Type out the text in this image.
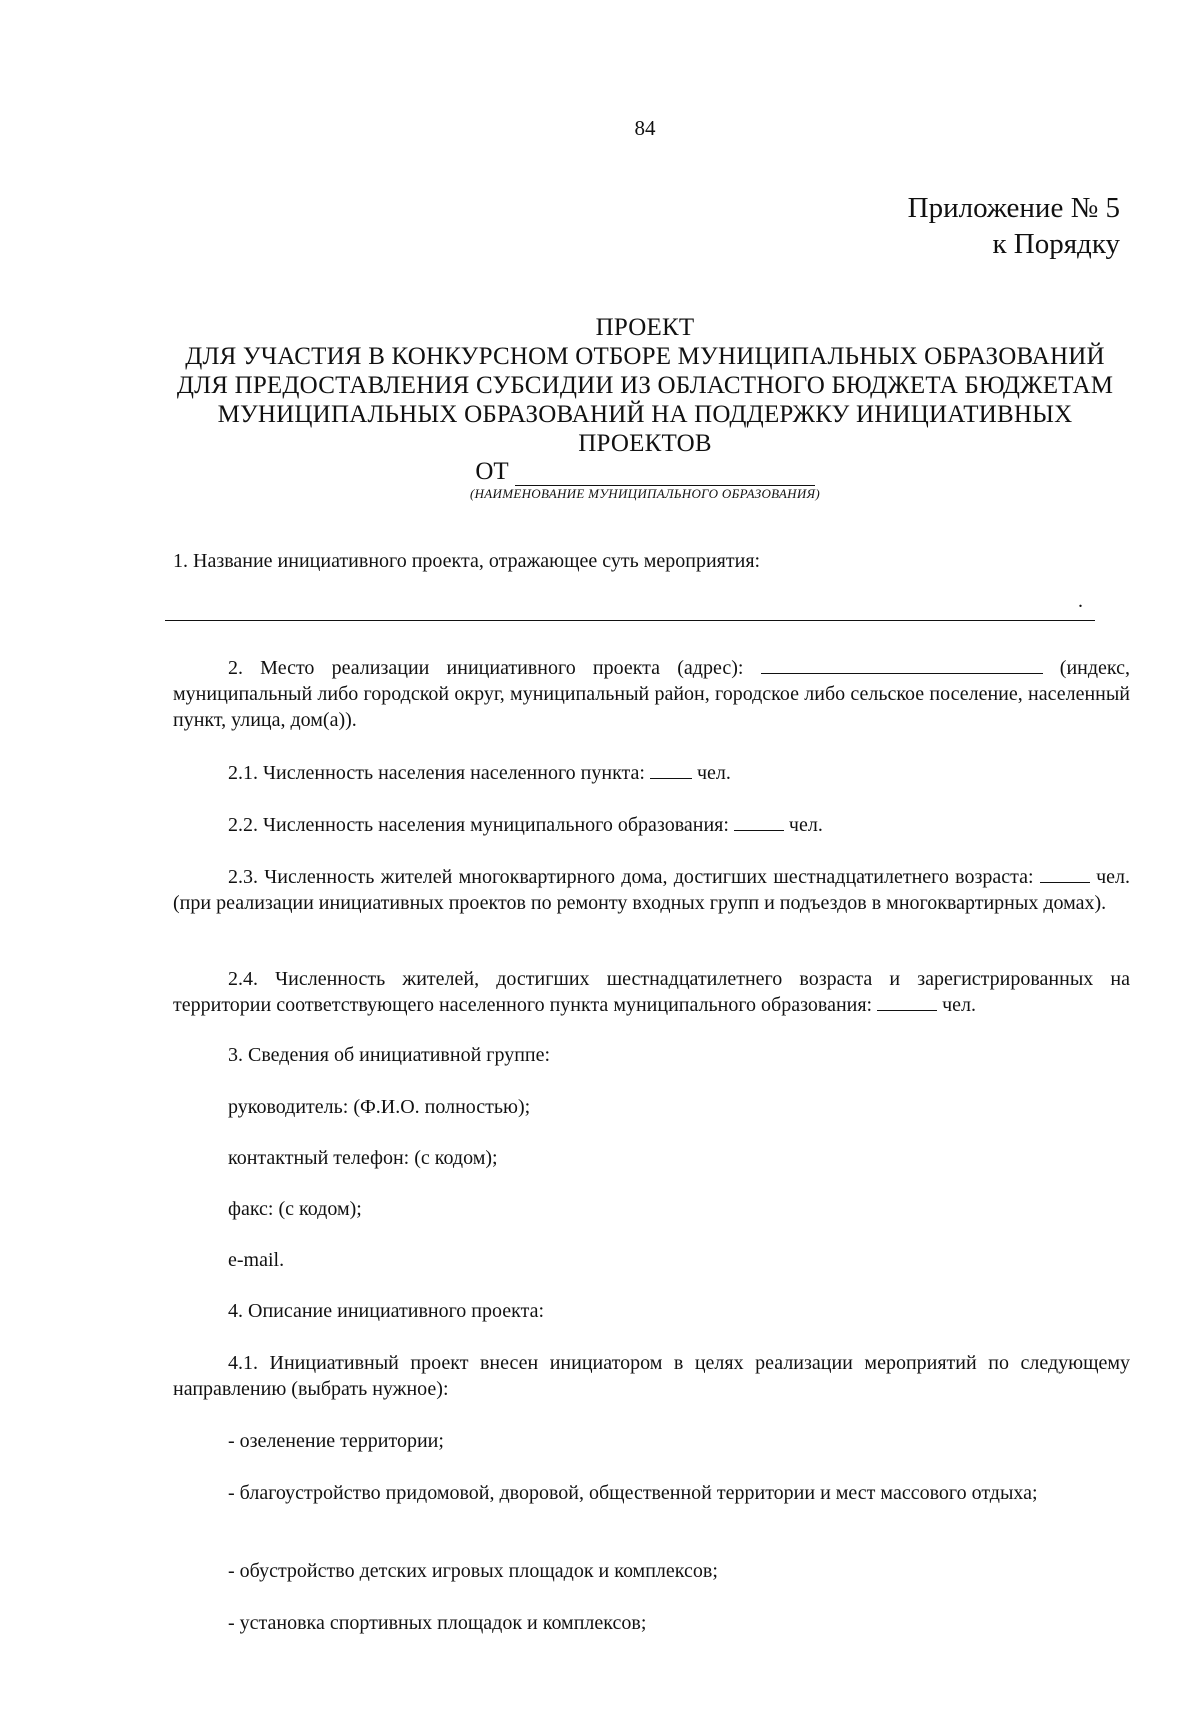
84
Приложение № 5
к Порядку
ПРОЕКТ
ДЛЯ УЧАСТИЯ В КОНКУРСНОМ ОТБОРЕ МУНИЦИПАЛЬНЫХ ОБРАЗОВАНИЙ
ДЛЯ ПРЕДОСТАВЛЕНИЯ СУБСИДИИ ИЗ ОБЛАСТНОГО БЮДЖЕТА БЮДЖЕТАМ
МУНИЦИПАЛЬНЫХ ОБРАЗОВАНИЙ НА ПОДДЕРЖКУ ИНИЦИАТИВНЫХ
ПРОЕКТОВ
ОТ
(НАИМЕНОВАНИЕ МУНИЦИПАЛЬНОГО ОБРАЗОВАНИЯ)
1. Название инициативного проекта, отражающее суть мероприятия:
.
2. Место реализации инициативного проекта (адрес):	(индекс, муниципальный либо городской округ, муниципальный район, городское либо сельское поселение, населенный пункт, улица, дом(а)).
2.1. Численность населения населенного пункта:	чел.
2.2. Численность населения муниципального образования:	чел.
2.3. Численность жителей многоквартирного дома, достигших шестнадцатилетнего возраста:	чел. (при реализации инициативных проектов по ремонту входных групп и подъездов в многоквартирных домах).
2.4. Численность жителей, достигших шестнадцатилетнего возраста и зарегистрированных на территории соответствующего населенного пункта муниципального образования:	чел.
3. Сведения об инициативной группе:
руководитель: (Ф.И.О. полностью);
контактный телефон: (с кодом);
факс: (с кодом);
e-mail.
4. Описание инициативного проекта:
4.1. Инициативный проект внесен инициатором в целях реализации мероприятий по следующему направлению (выбрать нужное):
- озеленение территории;
- благоустройство придомовой, дворовой, общественной территории и мест массового отдыха;
- обустройство детских игровых площадок и комплексов;
- установка спортивных площадок и комплексов;
